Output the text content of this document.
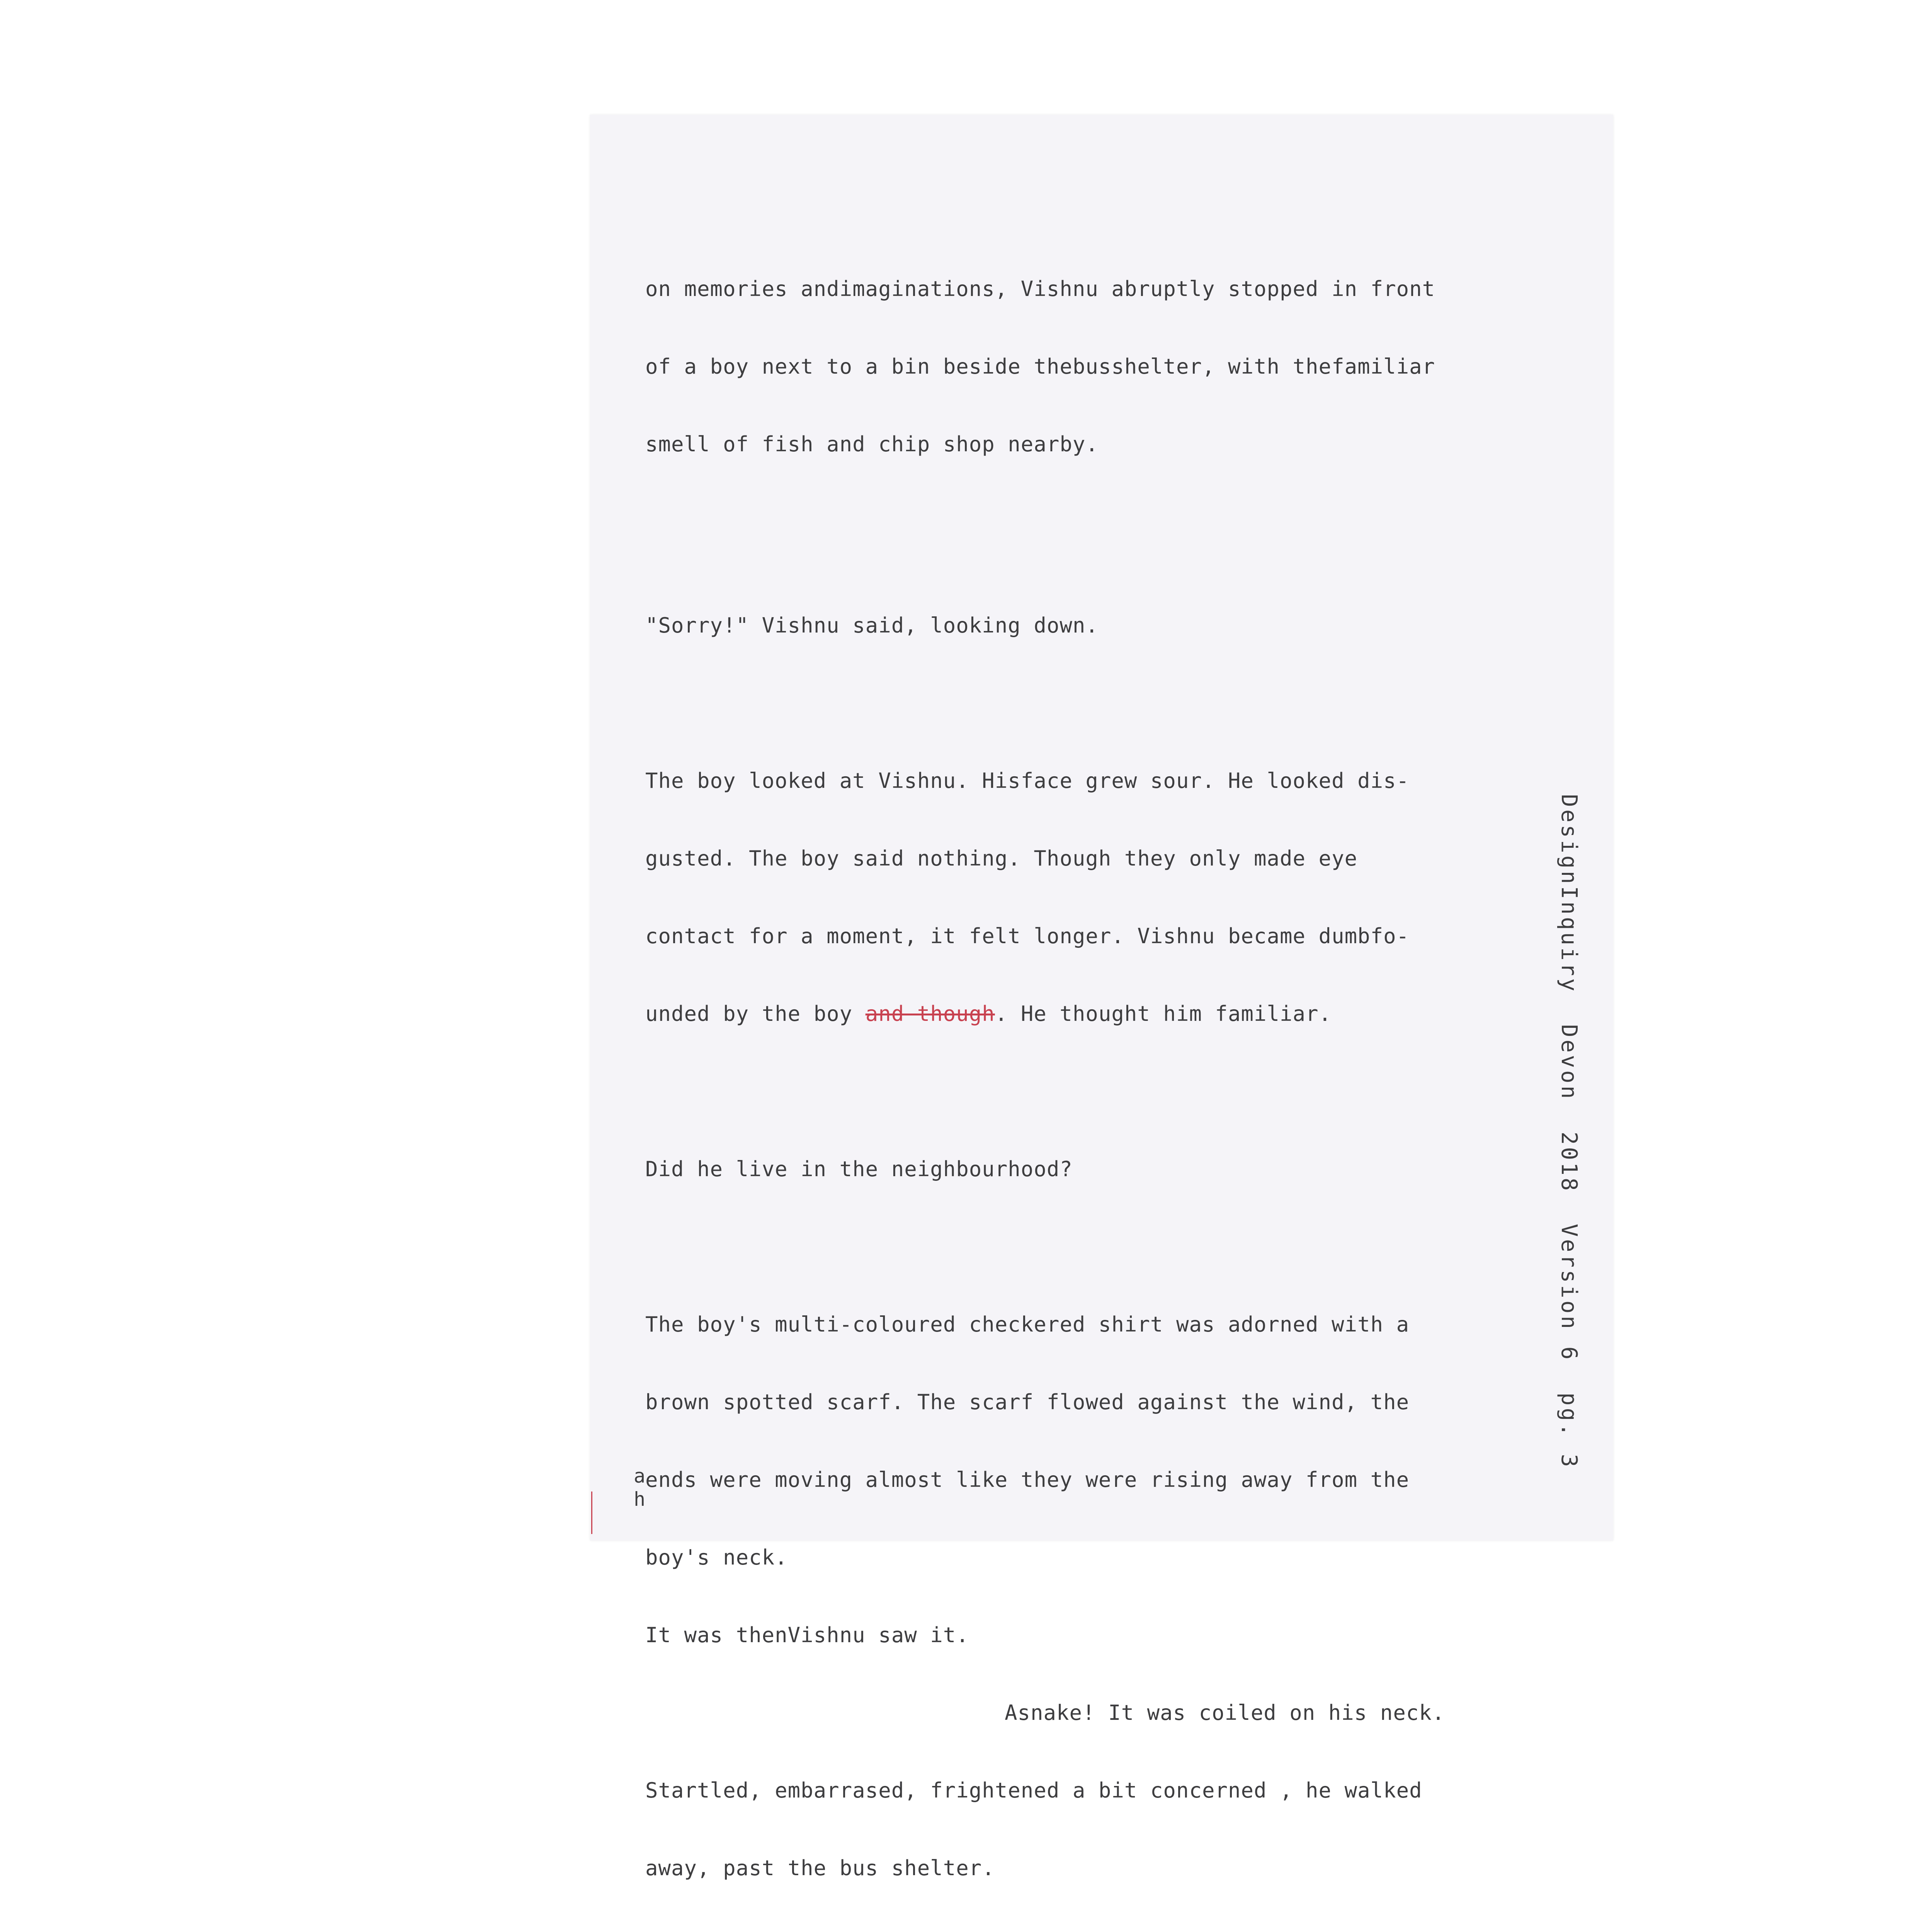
on memories andimaginations, Vishnu abruptly stopped in front

of a boy next to a bin beside thebusshelter, with thefamiliar

smell of fish and chip shop nearby.

"Sorry!" Vishnu said, looking down.

The boy looked at Vishnu. Hisface grew sour. He looked dis-

gusted. The boy said nothing. Though they only made eye

contact for a moment, it felt longer. Vishnu became dumbfo-

unded by the boy and though. He thought him familiar.

Did he live in the neighbourhood?

The boy's multi-coloured checkered shirt was adorned with a

brown spotted scarf. The scarf flowed against the wind, the

ends were moving almost like they were rising away from the

boy's neck.

It was thenVishnu saw it.

Asnake! It was coiled on his neck.

Startled, embarrased, frightened a bit concerned , he walked

away, past the bus shelter.

DesignInquiry  Devon  2018  Version 6  pg. 3
a
h
